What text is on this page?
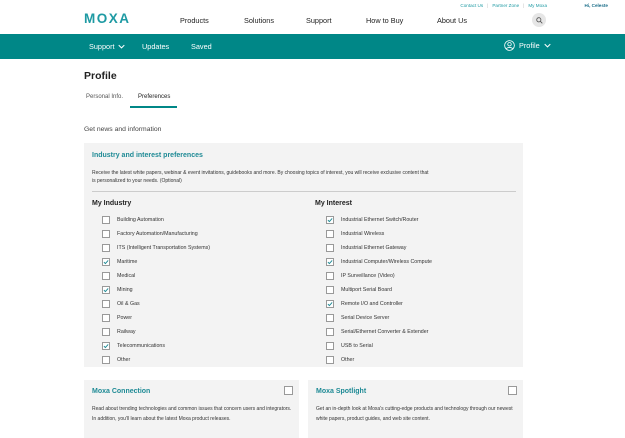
Contact Us | Partner Zone | My Moxa	Hi, Celeste
MOXA	Products	Solutions	Support	How to Buy	About Us
Support	Updates	Saved	Profile
Profile
Personal Info. Preferences
Get news and information
Industry and interest preferences
Receive the latest white papers, webinar & event invitations, guidebooks and more. By choosing topics of interest, you will receive exclusive content that is personalized to your needs. (Optional)
My Industry
Building Automation
Factory Automation/Manufacturing
ITS (Intelligent Transportation Systems)
Maritime
Medical
Mining
Oil & Gas
Power
Railway
Telecommunications
Other
My Interest
Industrial Ethernet Switch/Router
Industrial Wireless
Industrial Ethernet Gateway
Industrial Computer/Wireless Compute
IP Surveillance (Video)
Multiport Serial Board
Remote I/O and Controller
Serial Device Server
Serial/Ethernet Converter & Extender
USB to Serial
Other
Moxa Connection
Read about trending technologies and common issues that concern users and integrators. In addition, you'll learn about the latest Moxa product releases.
Moxa Spotlight
Get an in-depth look at Moxa's cutting-edge products and technology through our newest white papers, product guides, and web site content.
